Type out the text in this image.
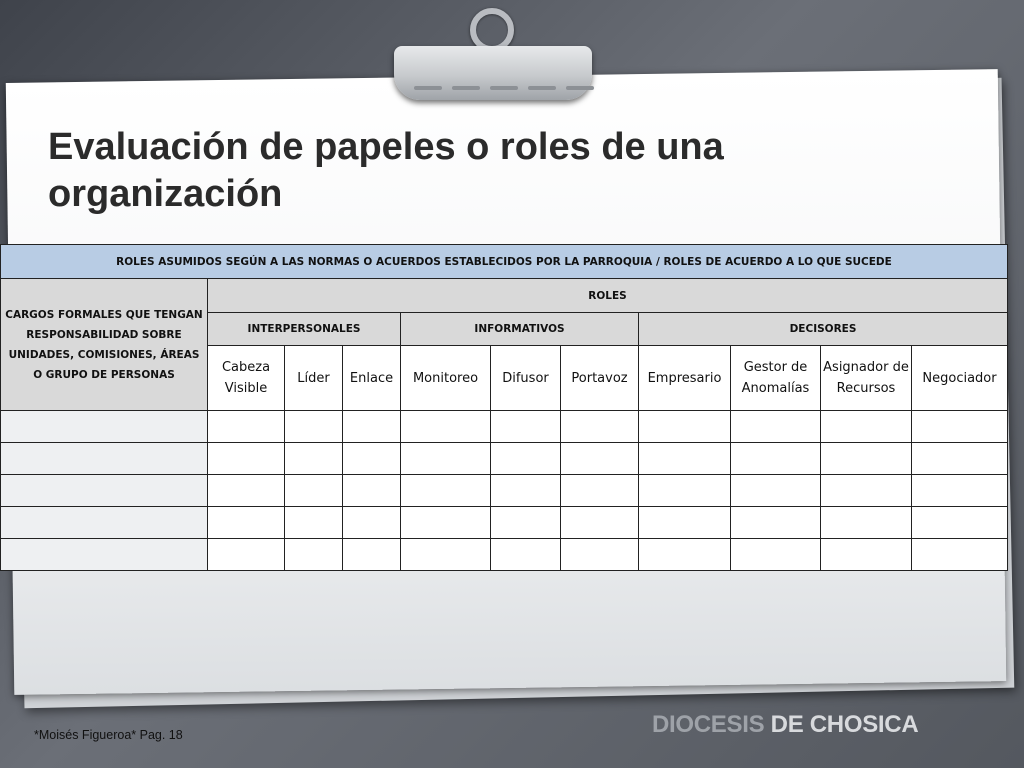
Evaluación de papeles o roles de una organización
ROLES ASUMIDOS SEGÚN A LAS NORMAS O ACUERDOS ESTABLECIDOS POR LA PARROQUIA / ROLES DE ACUERDO A LO QUE SUCEDE										
CARGOS FORMALES QUE TENGAN RESPONSABILIDAD SOBRE UNIDADES, COMISIONES, ÁREAS O GRUPO DE PERSONAS	ROLES									
	INTERPERSONALES			INFORMATIVOS			DECISORES			
	Cabeza Visible	Líder	Enlace	Monitoreo	Difusor	Portavoz	Empresario	Gestor de Anomalías	Asignador de Recursos	Negociador

*Moisés Figueroa* Pag. 18	DIOCESIS DE CHOSICA
